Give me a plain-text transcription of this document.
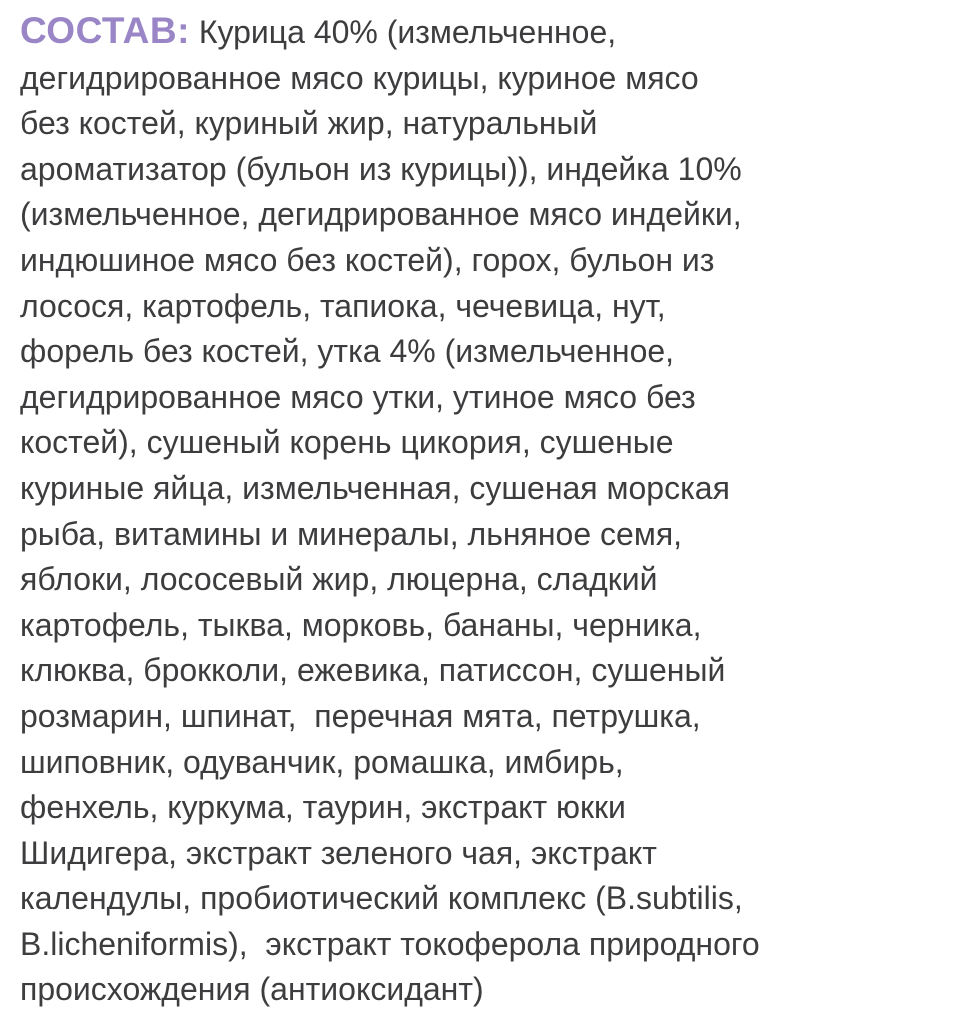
СОСТАВ: Курица 40% (измельченное,
дегидрированное мясо курицы, куриное мясо
без костей, куриный жир, натуральный
ароматизатор (бульон из курицы)), индейка 10%
(измельченное, дегидрированное мясо индейки,
индюшиное мясо без костей), горох, бульон из
лосося, картофель, тапиока, чечевица, нут,
форель без костей, утка 4% (измельченное,
дегидрированное мясо утки, утиное мясо без
костей), сушеный корень цикория, сушеные
куриные яйца, измельченная, сушеная морская
рыба, витамины и минералы, льняное семя,
яблоки, лососевый жир, люцерна, сладкий
картофель, тыква, морковь, бананы, черника,
клюква, брокколи, ежевика, патиссон, сушеный
розмарин, шпинат,  перечная мята, петрушка,
шиповник, одуванчик, ромашка, имбирь,
фенхель, куркума, таурин, экстракт юкки
Шидигера, экстракт зеленого чая, экстракт
календулы, пробиотический комплекс (B.subtilis,
B.licheniformis),  экстракт токоферола природного
происхождения (антиоксидант)
